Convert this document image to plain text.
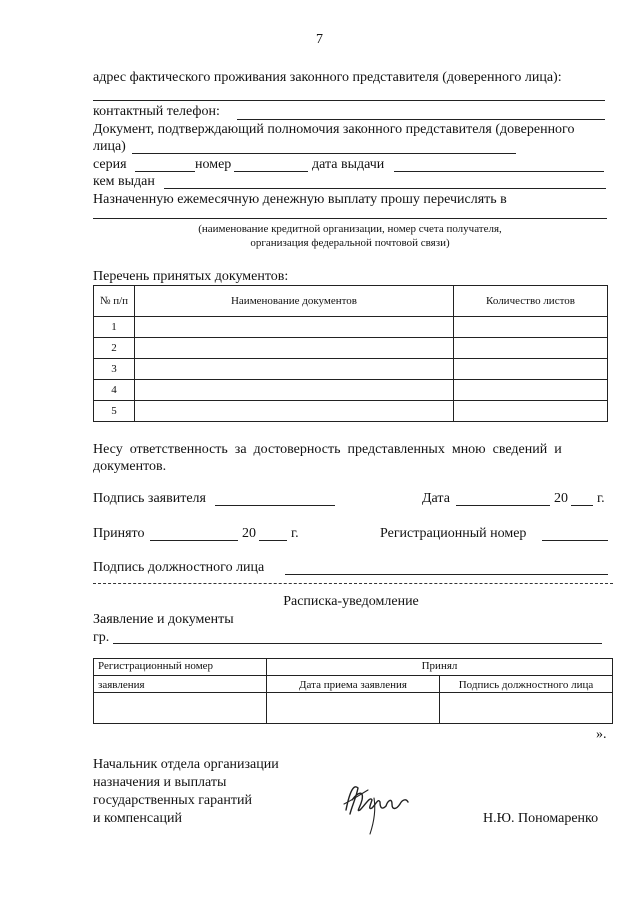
7
адрес фактического проживания законного представителя (доверенного лица):
контактный телефон:
Документ, подтверждающий полномочия законного представителя (доверенного
лица)
серия	номер	дата выдачи
кем выдан
Назначенную ежемесячную денежную выплату прошу перечислять в
(наименование кредитной организации, номер счета получателя,
организация федеральной почтовой связи)
Перечень принятых документов:
№ п/п	Наименование документов	Количество листов
1		
2		
3		
4		
5		
Несу  ответственность  за  достоверность  представленных  мною  сведений  и
документов.
Подпись заявителя	Дата	20 г.
Принято	20	г.	Регистрационный номер
Подпись должностного лица
Расписка-уведомление
Заявление и документы
гр.
Регистрационный номер	Принял	
заявления	Дата приема заявления	Подпись должностного лица

».
Начальник отдела организации
назначения и выплаты
государственных гарантий
и компенсаций	Н.Ю. Пономаренко
